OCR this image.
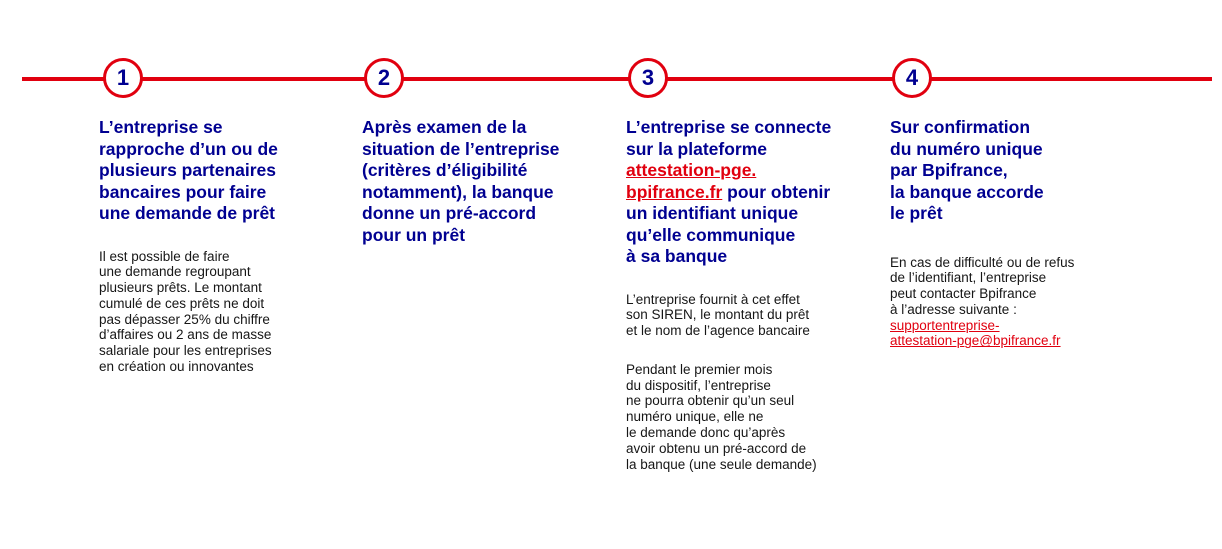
1	2	3	4

L’entreprise se
rapproche d’un ou de
plusieurs partenaires
bancaires pour faire
une demande de prêt

Il est possible de faire
une demande regroupant
plusieurs prêts. Le montant
cumulé de ces prêts ne doit
pas dépasser 25% du chiffre
d’affaires ou 2 ans de masse
salariale pour les entreprises
en création ou innovantes

Après examen de la
situation de l’entreprise
(critères d’éligibilité
notamment), la banque
donne un pré-accord
pour un prêt

L’entreprise se connecte
sur la plateforme
attestation-pge.
bpifrance.fr pour obtenir
un identifiant unique
qu’elle communique
à sa banque

L’entreprise fournit à cet effet
son SIREN, le montant du prêt
et le nom de l’agence bancaire

Pendant le premier mois
du dispositif, l’entreprise
ne pourra obtenir qu’un seul
numéro unique, elle ne
le demande donc qu’après
avoir obtenu un pré-accord de
la banque (une seule demande)

Sur confirmation
du numéro unique
par Bpifrance,
la banque accorde
le prêt

En cas de difficulté ou de refus
de l’identifiant, l’entreprise
peut contacter Bpifrance
à l’adresse suivante :
supportentreprise-
attestation-pge@bpifrance.fr
